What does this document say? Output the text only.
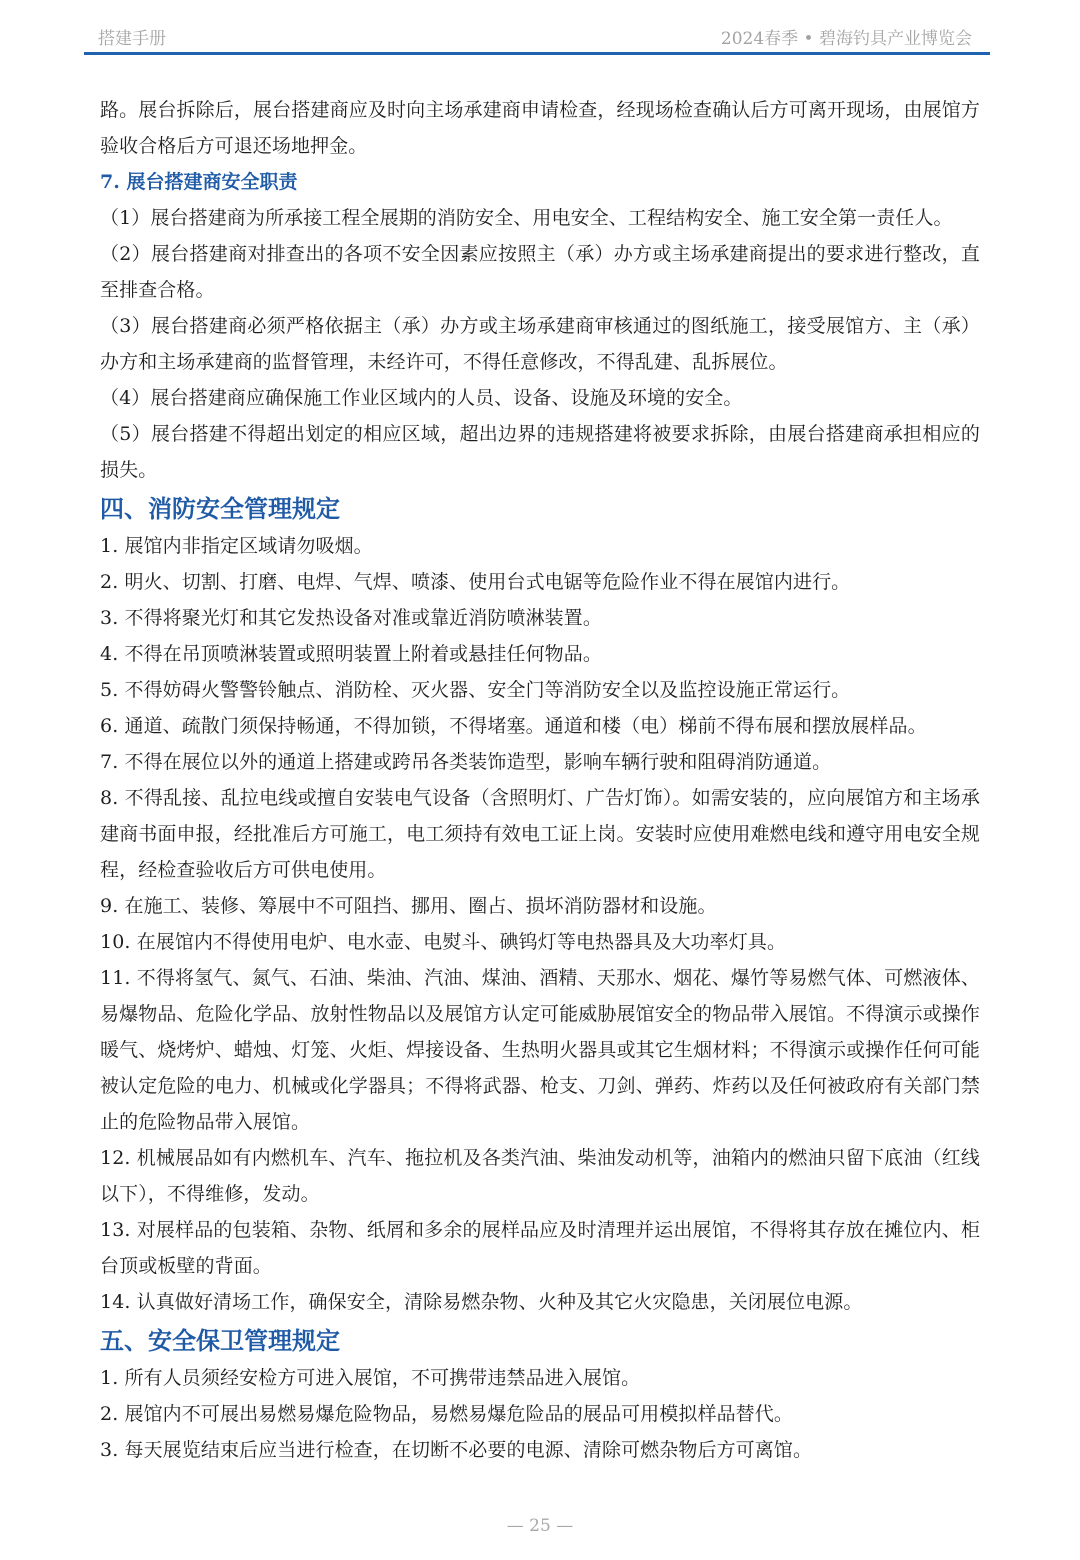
搭建手册	2024春季 • 碧海钓具产业博览会

路。展台拆除后，展台搭建商应及时向主场承建商申请检查，经现场检查确认后方可离开现场，由展馆方验收合格后方可退还场地押金。

7. 展台搭建商安全职责

（1）展台搭建商为所承接工程全展期的消防安全、用电安全、工程结构安全、施工安全第一责任人。

（2）展台搭建商对排查出的各项不安全因素应按照主（承）办方或主场承建商提出的要求进行整改，直至排查合格。

（3）展台搭建商必须严格依据主（承）办方或主场承建商审核通过的图纸施工，接受展馆方、主（承）办方和主场承建商的监督管理，未经许可，不得任意修改，不得乱建、乱拆展位。

（4）展台搭建商应确保施工作业区域内的人员、设备、设施及环境的安全。

（5）展台搭建不得超出划定的相应区域，超出边界的违规搭建将被要求拆除，由展台搭建商承担相应的损失。

四、消防安全管理规定

1. 展馆内非指定区域请勿吸烟。

2. 明火、切割、打磨、电焊、气焊、喷漆、使用台式电锯等危险作业不得在展馆内进行。

3. 不得将聚光灯和其它发热设备对准或靠近消防喷淋装置。

4. 不得在吊顶喷淋装置或照明装置上附着或悬挂任何物品。

5. 不得妨碍火警警铃触点、消防栓、灭火器、安全门等消防安全以及监控设施正常运行。

6. 通道、疏散门须保持畅通，不得加锁，不得堵塞。通道和楼（电）梯前不得布展和摆放展样品。

7. 不得在展位以外的通道上搭建或跨吊各类装饰造型，影响车辆行驶和阻碍消防通道。

8. 不得乱接、乱拉电线或擅自安装电气设备（含照明灯、广告灯饰）。如需安装的，应向展馆方和主场承建商书面申报，经批准后方可施工，电工须持有效电工证上岗。安装时应使用难燃电线和遵守用电安全规程，经检查验收后方可供电使用。

9. 在施工、装修、筹展中不可阻挡、挪用、圈占、损坏消防器材和设施。

10. 在展馆内不得使用电炉、电水壶、电熨斗、碘钨灯等电热器具及大功率灯具。

11. 不得将氢气、氮气、石油、柴油、汽油、煤油、酒精、天那水、烟花、爆竹等易燃气体、可燃液体、易爆物品、危险化学品、放射性物品以及展馆方认定可能威胁展馆安全的物品带入展馆。不得演示或操作暖气、烧烤炉、蜡烛、灯笼、火炬、焊接设备、生热明火器具或其它生烟材料；不得演示或操作任何可能被认定危险的电力、机械或化学器具；不得将武器、枪支、刀剑、弹药、炸药以及任何被政府有关部门禁止的危险物品带入展馆。

12. 机械展品如有内燃机车、汽车、拖拉机及各类汽油、柴油发动机等，油箱内的燃油只留下底油（红线以下），不得维修，发动。

13. 对展样品的包装箱、杂物、纸屑和多余的展样品应及时清理并运出展馆，不得将其存放在摊位内、柜台顶或板壁的背面。

14. 认真做好清场工作，确保安全，清除易燃杂物、火种及其它火灾隐患，关闭展位电源。

五、安全保卫管理规定

1. 所有人员须经安检方可进入展馆，不可携带违禁品进入展馆。

2. 展馆内不可展出易燃易爆危险物品，易燃易爆危险品的展品可用模拟样品替代。

3. 每天展览结束后应当进行检查，在切断不必要的电源、清除可燃杂物后方可离馆。

— 25 —
